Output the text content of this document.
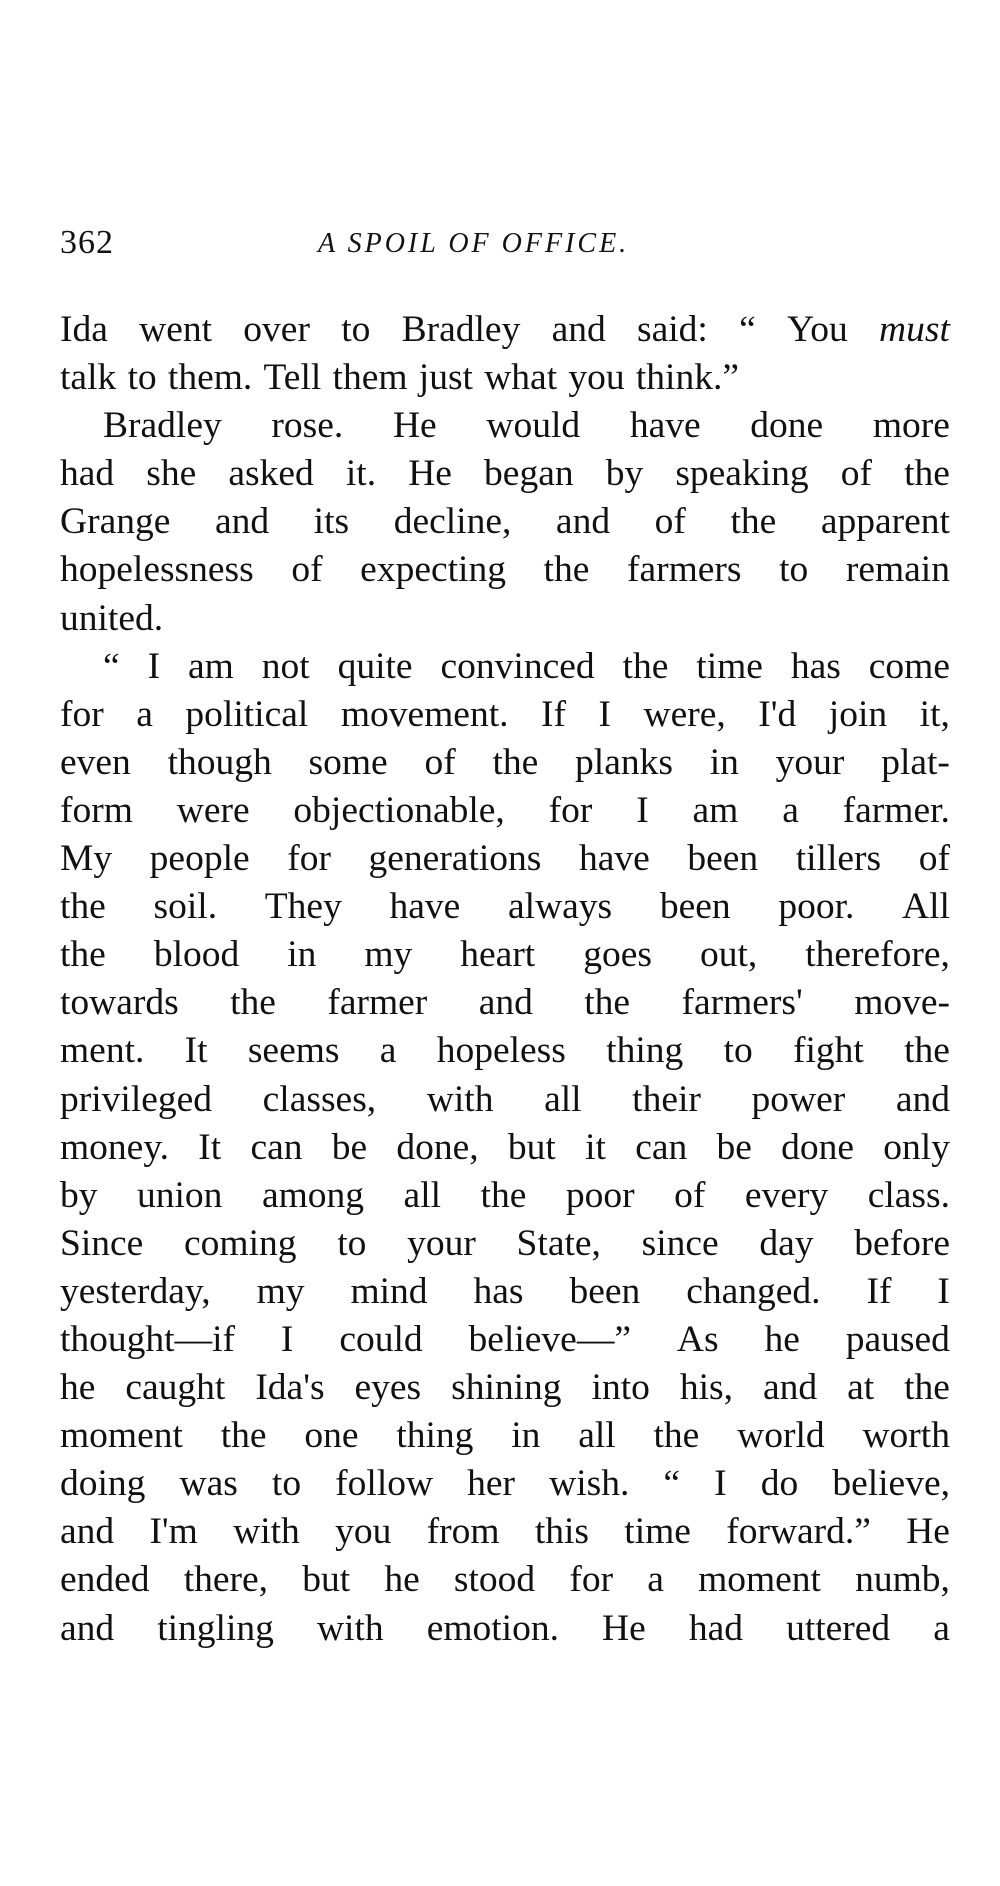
362	A SPOIL OF OFFICE.
Ida went over to Bradley and said: “ You must
talk to them. Tell them just what you think.”
Bradley rose. He would have done more
had she asked it. He began by speaking of the
Grange and its decline, and of the apparent
hopelessness of expecting the farmers to remain
united.
“ I am not quite convinced the time has come
for a political movement. If I were, I'd join it,
even though some of the planks in your plat-
form were objectionable, for I am a farmer.
My people for generations have been tillers of
the soil. They have always been poor. All
the blood in my heart goes out, therefore,
towards the farmer and the farmers' move-
ment. It seems a hopeless thing to fight the
privileged classes, with all their power and
money. It can be done, but it can be done only
by union among all the poor of every class.
Since coming to your State, since day before
yesterday, my mind has been changed. If I
thought—if I could believe—” As he paused
he caught Ida's eyes shining into his, and at the
moment the one thing in all the world worth
doing was to follow her wish. “ I do believe,
and I'm with you from this time forward.” He
ended there, but he stood for a moment numb,
and tingling with emotion. He had uttered a
